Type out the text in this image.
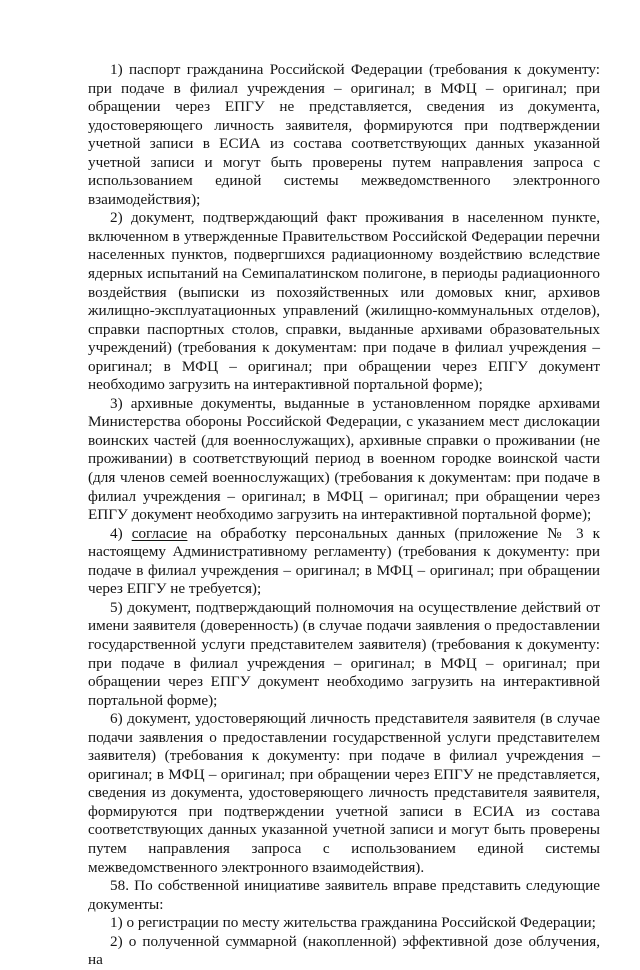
1) паспорт гражданина Российской Федерации (требования к документу: при подаче в филиал учреждения – оригинал; в МФЦ – оригинал; при обращении через ЕПГУ не представляется, сведения из документа, удостоверяющего личность заявителя, формируются при подтверждении учетной записи в ЕСИА из состава соответствующих данных указанной учетной записи и могут быть проверены путем направления запроса с использованием единой системы межведомственного электронного взаимодействия);

2) документ, подтверждающий факт проживания в населенном пункте, включенном в утвержденные Правительством Российской Федерации перечни населенных пунктов, подвергшихся радиационному воздействию вследствие ядерных испытаний на Семипалатинском полигоне, в периоды радиационного воздействия (выписки из похозяйственных или домовых книг, архивов жилищно-эксплуатационных управлений (жилищно-коммунальных отделов), справки паспортных столов, справки, выданные архивами образовательных учреждений) (требования к документам: при подаче в филиал учреждения – оригинал; в МФЦ – оригинал; при обращении через ЕПГУ документ необходимо загрузить на интерактивной портальной форме);

3) архивные документы, выданные в установленном порядке архивами Министерства обороны Российской Федерации, с указанием мест дислокации воинских частей (для военнослужащих), архивные справки о проживании (не проживании) в соответствующий период в военном городке воинской части (для членов семей военнослужащих) (требования к документам: при подаче в филиал учреждения – оригинал; в МФЦ – оригинал; при обращении через ЕПГУ документ необходимо загрузить на интерактивной портальной форме);

4) согласие на обработку персональных данных (приложение № 3 к настоящему Административному регламенту) (требования к документу: при подаче в филиал учреждения – оригинал; в МФЦ – оригинал; при обращении через ЕПГУ не требуется);

5) документ, подтверждающий полномочия на осуществление действий от имени заявителя (доверенность) (в случае подачи заявления о предоставлении государственной услуги представителем заявителя) (требования к документу: при подаче в филиал учреждения – оригинал; в МФЦ – оригинал; при обращении через ЕПГУ документ необходимо загрузить на интерактивной портальной форме);

6) документ, удостоверяющий личность представителя заявителя (в случае подачи заявления о предоставлении государственной услуги представителем заявителя) (требования к документу: при подаче в филиал учреждения – оригинал; в МФЦ – оригинал; при обращении через ЕПГУ не представляется, сведения из документа, удостоверяющего личность представителя заявителя, формируются при подтверждении учетной записи в ЕСИА из состава соответствующих данных указанной учетной записи и могут быть проверены путем направления запроса с использованием единой системы межведомственного электронного взаимодействия).

58. По собственной инициативе заявитель вправе представить следующие документы:

1) о регистрации по месту жительства гражданина Российской Федерации;

2) о полученной суммарной (накопленной) эффективной дозе облучения, на
